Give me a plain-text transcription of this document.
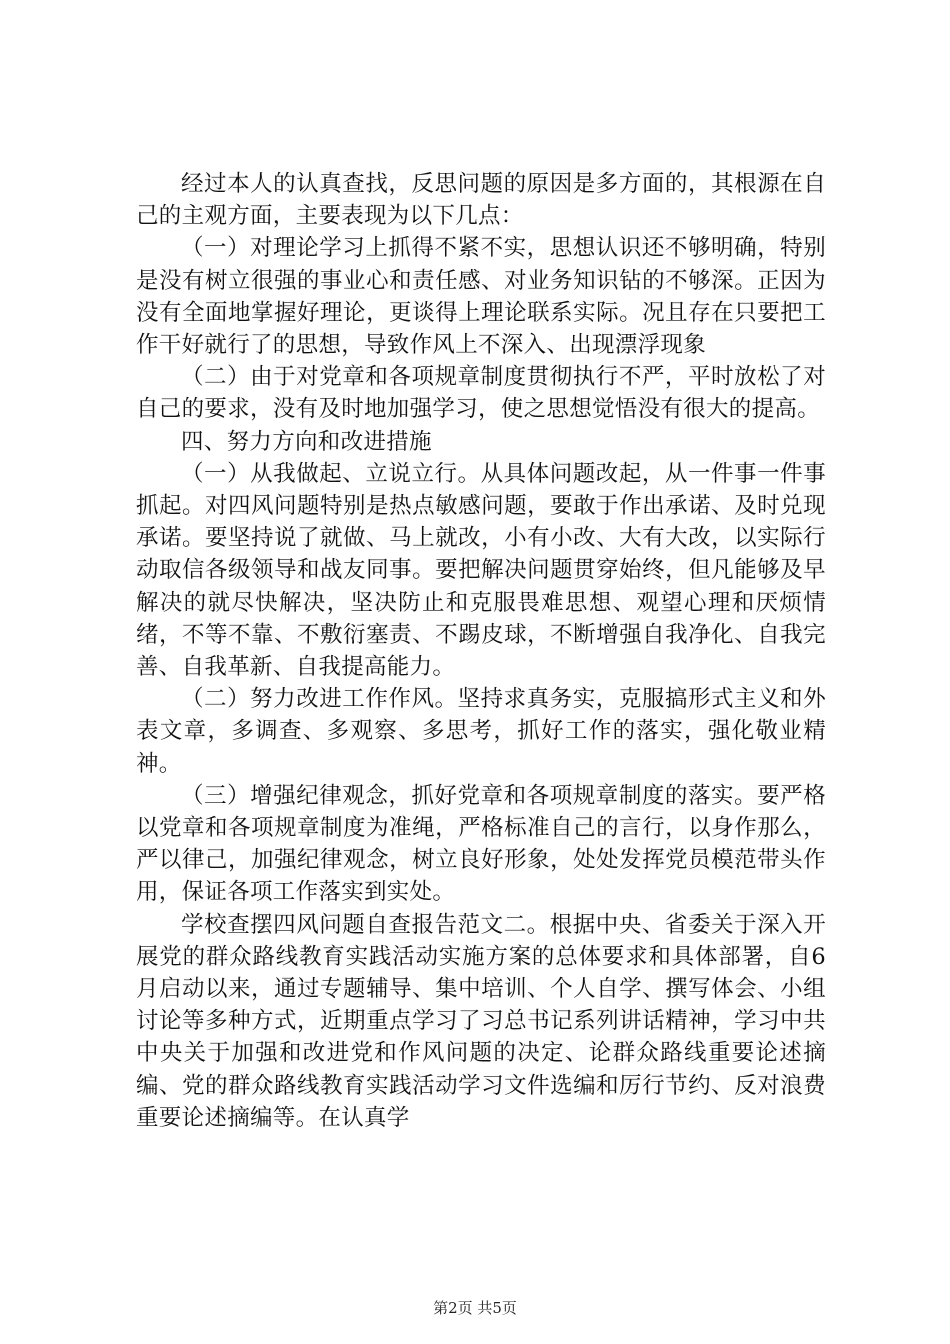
经过本人的认真查找，反思问题的原因是多方面的，其根源在自己的主观方面，主要表现为以下几点：

（一）对理论学习上抓得不紧不实，思想认识还不够明确，特别是没有树立很强的事业心和责任感、对业务知识钻的不够深。正因为没有全面地掌握好理论，更谈得上理论联系实际。况且存在只要把工作干好就行了的思想，导致作风上不深入、出现漂浮现象

（二）由于对党章和各项规章制度贯彻执行不严，平时放松了对自己的要求，没有及时地加强学习，使之思想觉悟没有很大的提高。

四、努力方向和改进措施

（一）从我做起、立说立行。从具体问题改起，从一件事一件事抓起。对四风问题特别是热点敏感问题，要敢于作出承诺、及时兑现承诺。要坚持说了就做、马上就改，小有小改、大有大改，以实际行动取信各级领导和战友同事。要把解决问题贯穿始终，但凡能够及早解决的就尽快解决，坚决防止和克服畏难思想、观望心理和厌烦情绪，不等不靠、不敷衍塞责、不踢皮球，不断增强自我净化、自我完善、自我革新、自我提高能力。

（二）努力改进工作作风。坚持求真务实，克服搞形式主义和外表文章，多调查、多观察、多思考，抓好工作的落实，强化敬业精神。

（三）增强纪律观念，抓好党章和各项规章制度的落实。要严格以党章和各项规章制度为准绳，严格标准自己的言行，以身作那么，严以律己，加强纪律观念，树立良好形象，处处发挥党员模范带头作用，保证各项工作落实到实处。

学校查摆四风问题自查报告范文二。根据中央、省委关于深入开展党的群众路线教育实践活动实施方案的总体要求和具体部署，自6月启动以来，通过专题辅导、集中培训、个人自学、撰写体会、小组讨论等多种方式，近期重点学习了习总书记系列讲话精神，学习中共中央关于加强和改进党和作风问题的决定、论群众路线重要论述摘编、党的群众路线教育实践活动学习文件选编和厉行节约、反对浪费重要论述摘编等。在认真学

第2页 共5页
